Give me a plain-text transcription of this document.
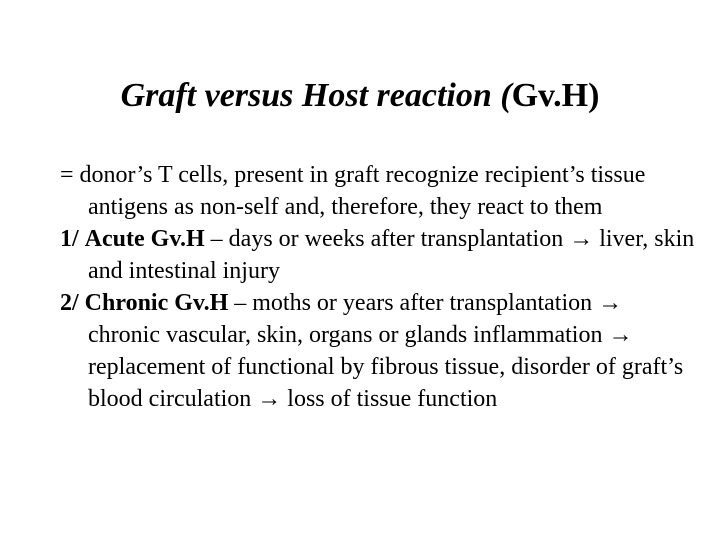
Graft versus Host reaction (Gv.H)

= donor’s T cells, present in graft recognize recipient’s tissue antigens as non-self and, therefore, they react to them

1/ Acute Gv.H – days or weeks after transplantation → liver, skin and intestinal injury

2/ Chronic Gv.H – moths or years after transplantation → chronic vascular, skin, organs or glands inflammation → replacement of functional by fibrous tissue, disorder of graft’s blood circulation → loss of tissue function
